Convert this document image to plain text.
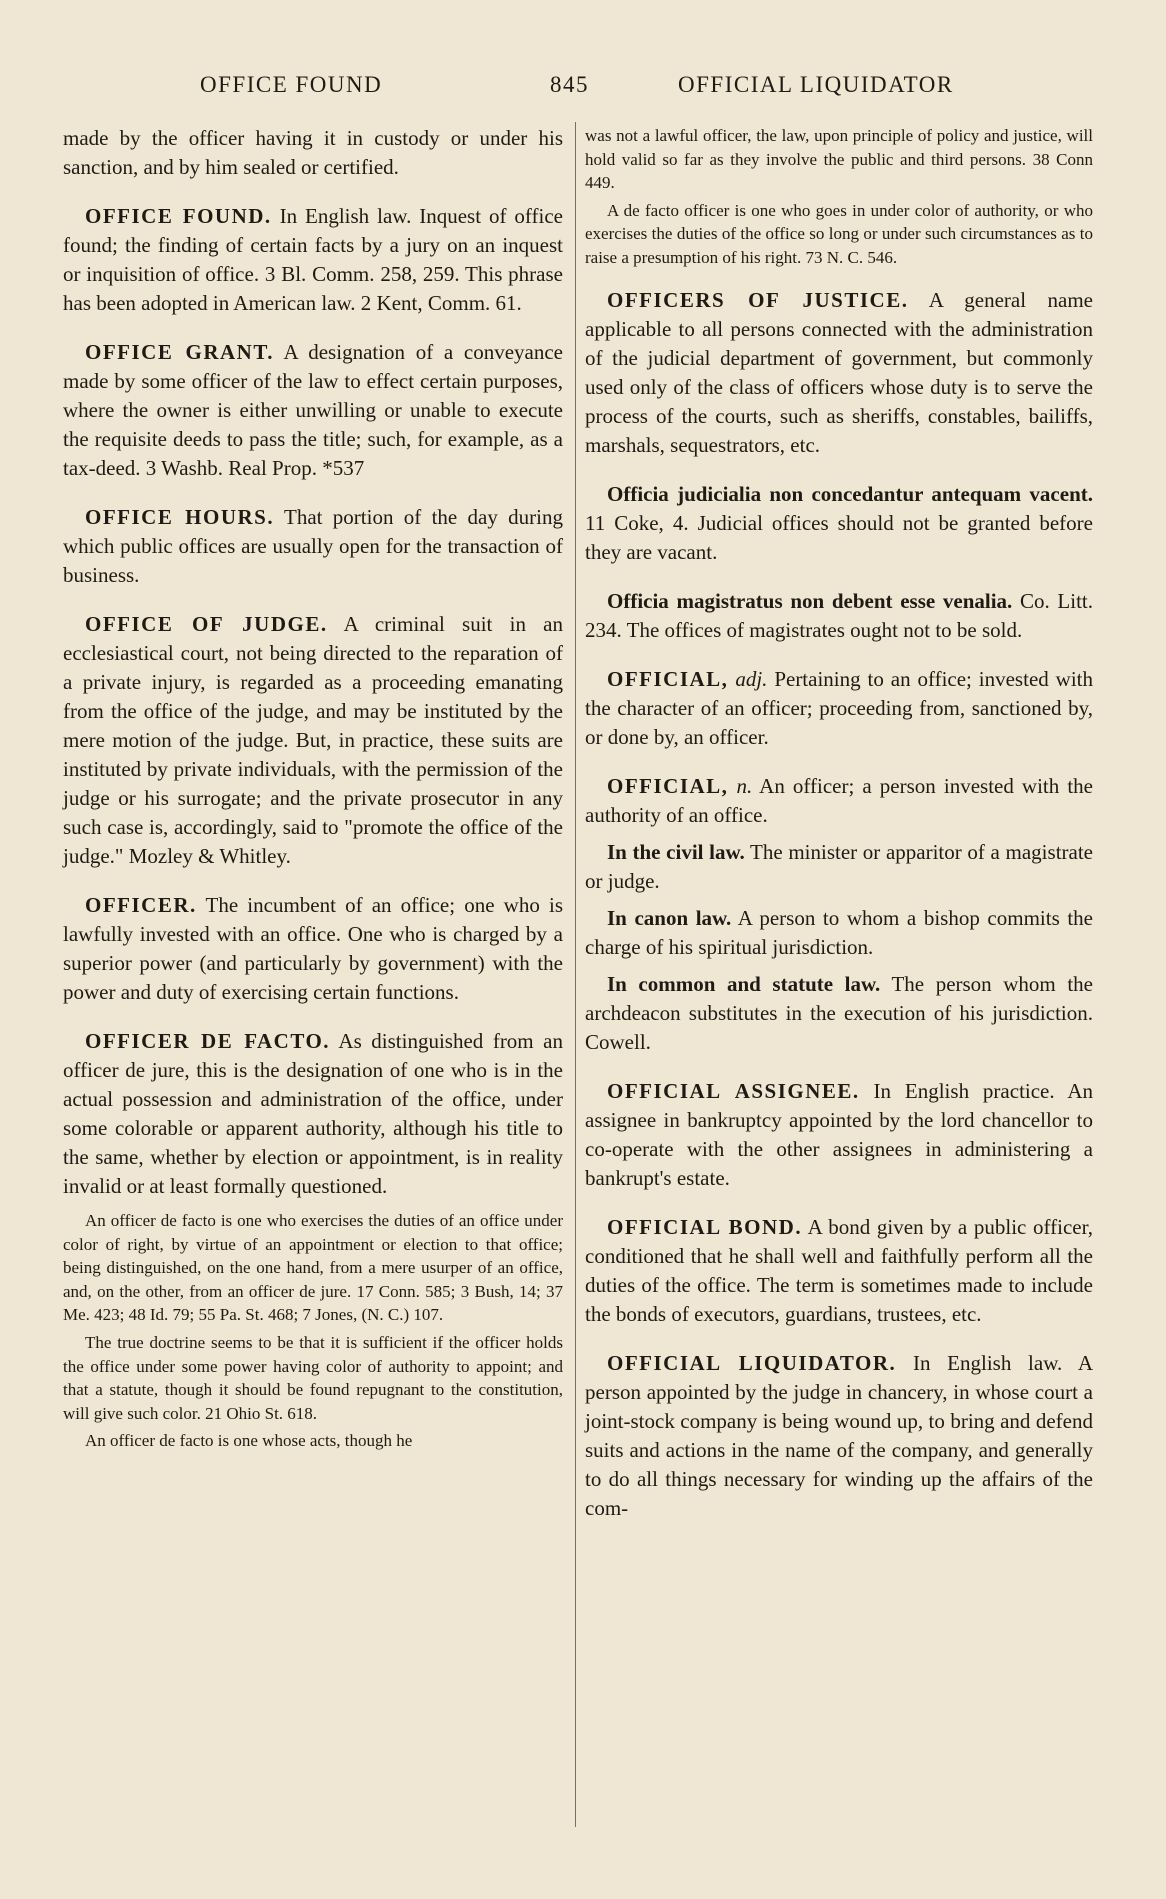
OFFICE FOUND	845	OFFICIAL LIQUIDATOR

made by the officer having it in custody or under his sanction, and by him sealed or certified.

OFFICE FOUND. In English law. Inquest of office found; the finding of certain facts by a jury on an inquest or inquisition of office. 3 Bl. Comm. 258, 259. This phrase has been adopted in American law. 2 Kent, Comm. 61.

OFFICE GRANT. A designation of a conveyance made by some officer of the law to effect certain purposes, where the owner is either unwilling or unable to execute the requisite deeds to pass the title; such, for example, as a tax-deed. 3 Washb. Real Prop. *537

OFFICE HOURS. That portion of the day during which public offices are usually open for the transaction of business.

OFFICE OF JUDGE. A criminal suit in an ecclesiastical court, not being directed to the reparation of a private injury, is regarded as a proceeding emanating from the office of the judge, and may be instituted by the mere motion of the judge. But, in practice, these suits are instituted by private individuals, with the permission of the judge or his surrogate; and the private prosecutor in any such case is, accordingly, said to "promote the office of the judge." Mozley & Whitley.

OFFICER. The incumbent of an office; one who is lawfully invested with an office. One who is charged by a superior power (and particularly by government) with the power and duty of exercising certain functions.

OFFICER DE FACTO. As distinguished from an officer de jure, this is the designation of one who is in the actual possession and administration of the office, under some colorable or apparent authority, although his title to the same, whether by election or appointment, is in reality invalid or at least formally questioned.

An officer de facto is one who exercises the duties of an office under color of right, by virtue of an appointment or election to that office; being distinguished, on the one hand, from a mere usurper of an office, and, on the other, from an officer de jure. 17 Conn. 585; 3 Bush, 14; 37 Me. 423; 48 Id. 79; 55 Pa. St. 468; 7 Jones, (N. C.) 107.

The true doctrine seems to be that it is sufficient if the officer holds the office under some power having color of authority to appoint; and that a statute, though it should be found repugnant to the constitution, will give such color. 21 Ohio St. 618.

An officer de facto is one whose acts, though he

was not a lawful officer, the law, upon principle of policy and justice, will hold valid so far as they involve the public and third persons. 38 Conn 449.

A de facto officer is one who goes in under color of authority, or who exercises the duties of the office so long or under such circumstances as to raise a presumption of his right. 73 N. C. 546.

OFFICERS OF JUSTICE. A general name applicable to all persons connected with the administration of the judicial department of government, but commonly used only of the class of officers whose duty is to serve the process of the courts, such as sheriffs, constables, bailiffs, marshals, sequestrators, etc.

Officia judicialia non concedantur antequam vacent. 11 Coke, 4. Judicial offices should not be granted before they are vacant.

Officia magistratus non debent esse venalia. Co. Litt. 234. The offices of magistrates ought not to be sold.

OFFICIAL, adj. Pertaining to an office; invested with the character of an officer; proceeding from, sanctioned by, or done by, an officer.

OFFICIAL, n. An officer; a person invested with the authority of an office.

In the civil law. The minister or apparitor of a magistrate or judge.

In canon law. A person to whom a bishop commits the charge of his spiritual jurisdiction.

In common and statute law. The person whom the archdeacon substitutes in the execution of his jurisdiction. Cowell.

OFFICIAL ASSIGNEE. In English practice. An assignee in bankruptcy appointed by the lord chancellor to co-operate with the other assignees in administering a bankrupt's estate.

OFFICIAL BOND. A bond given by a public officer, conditioned that he shall well and faithfully perform all the duties of the office. The term is sometimes made to include the bonds of executors, guardians, trustees, etc.

OFFICIAL LIQUIDATOR. In English law. A person appointed by the judge in chancery, in whose court a joint-stock company is being wound up, to bring and defend suits and actions in the name of the company, and generally to do all things necessary for winding up the affairs of the com-
